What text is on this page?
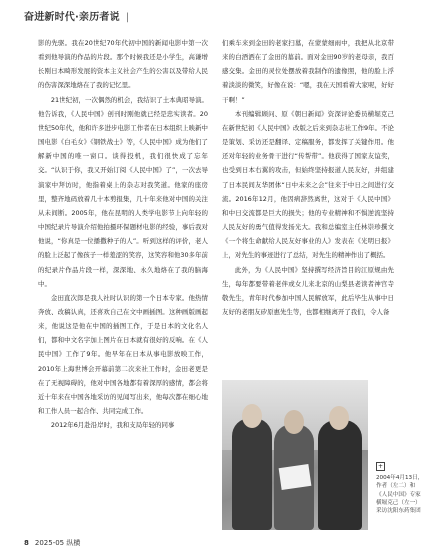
奋进新时代·亲历者说 |

影的先驱。我在20世纪70年代初中国的新闻电影中第一次看到他导演的作品的片段。那个时候我还是小学生，高谦增长刚日本畸形发展的资本主义社会产生的公害以及带给人民的伤害深深地烙在了我的记忆里。

21世纪初，一次偶然的机会，我结识了土本典昭导演。他告诉我，《人民中国》创刊时刚他就已经是忠实读者。20世纪50年代，他和许多进步电影工作者在日本组织上映新中国电影《白毛女》《钢铁战士》等，《人民中国》成为他们了解新中国的唯一窗口。谈得投机，我们很快成了忘年交。“认识于你，我又开始订阅《人民中国》了”，一次去导演家中拜访时，他指着桌上的杂志对我笑道。他家的座房里，整齐地码放着几十本剪报集，几十年来他对中国的关注从未间断。2005年，他在昆明的人类学电影节上向年轻的中国纪录片导演介绍他拍摄环保题材电影的经验，事后我对他说，“你真是一位播撒种子的人”。听到这样的评价，老人的脸上泛起了像孩子一样羞涩的笑容，这笑容和他30多年前的纪录片作品片段一样，深深地、永久地烙在了我的脑海中。

金田直次郎是我人社时认识的第一个日本专家。他热情奔放、改稿认真，还喜欢自己在文中画插图。这种画版画起来，他说这是他在中国的插图工作，于是日本的文化名人们，都和中文名字加上图片在日本就有很好的反响。在《人民中国》工作了9年。他早年在日本从事电影放映工作，2010年上海世博会开幕前第二次来社工作时，金田老更是在了无视障碍的，他对中国各地都有着深厚的感情，都会将近十年来在中国各地采访的见闻写出来，他每次都在细心地和工作人员一起合作、共同完成工作。

2012年6月赴沿岸时，我和支局年轻的同事

们乘车来到金田的老家扫墓，在蒙蒙细雨中，我把从北京带来的白酒洒在了金田的墓前。面对金田90岁的老母亲，我百感交集。金田的灵位处摆放着我制作的遗像照，他的脸上浮着淡淡的微笑，好像在说：“嗯，我在天国看着大家呢，好好干啊！”

本刊编辑顾问、原《朝日新闻》资深评论委员横堀克己在新世纪初《人民中国》改版之后来到杂志社工作9年。不论是策划、采访还是翻译、定稿服务，都发挥了关键作用。他还对年轻的业务骨干进行“传帮带”。他获得了国家友谊奖，也受到日本右翼的攻击，但始终坚持报道人民友好，并组建了日本民间友华团体“日中未来之会”往来于中日之间进行交流。2016年12月，他因病辞然离世，这对于《人民中国》和中日交流都是巨大的损失；他的专业精神和不惧逆流坚持人民友好的勇气值得发扬光大。我和总编室主任林崇珍撰文《一个将生命献给人民友好事业的人》发表在《光明日报》上，对先生的事迹进行了总结，对先生的精神作出了概括。

此外，为《人民中国》坚持撰写经济旨目的江原规由先生，每年都要带着老伴或女儿来北京的山梨县老读者神宫寺敬先生，青年时代参加中国人民解放军，此后毕生从事中日友好的老朋友矽原惠先生等，也都相继离开了我们，令人备

+
2004年4月13日，作者（左二）和《人民中国》专家横堀克己（左一）采访沈阳东药集团
8 2025-05 纵横
